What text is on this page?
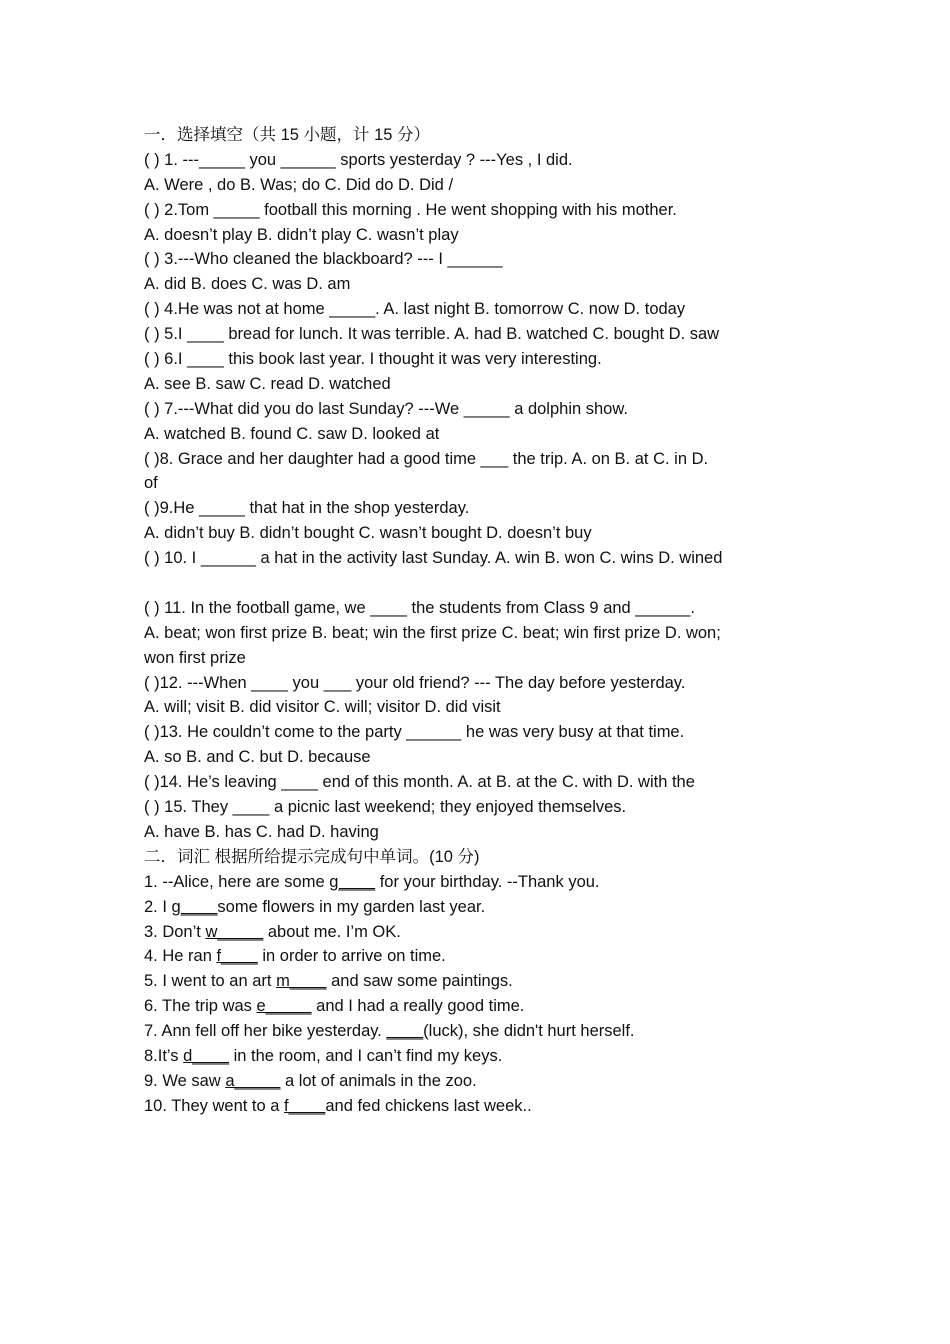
一．选择填空（共 15 小题，计 15 分）
( ) 1. ---_____ you ______ sports yesterday ? ---Yes , I did.
A. Were , do B. Was; do C. Did do D. Did /
( ) 2.Tom _____ football this morning . He went shopping with his mother.
A. doesn’t play B. didn’t play C. wasn’t play
( ) 3.---Who cleaned the blackboard? --- I ______
A. did B. does C. was D. am
( ) 4.He was not at home _____. A. last night B. tomorrow C. now D. today
( ) 5.I ____ bread for lunch. It was terrible. A. had B. watched C. bought D. saw
( ) 6.I ____ this book last year. I thought it was very interesting.
A. see B. saw C. read D. watched
( ) 7.---What did you do last Sunday? ---We _____ a dolphin show.
A. watched B. found C. saw D. looked at
( )8. Grace and her daughter had a good time ___ the trip. A. on B. at C. in D.
of
( )9.He _____ that hat in the shop yesterday.
A. didn’t buy B. didn’t bought C. wasn’t bought D. doesn’t buy
( ) 10. I ______ a hat in the activity last Sunday. A. win B. won C. wins D. wined
( ) 11. In the football game, we ____ the students from Class 9 and ______.
A. beat; won first prize B. beat; win the first prize C. beat; win first prize D. won;
won first prize
( )12. ---When ____ you ___ your old friend? --- The day before yesterday.
A. will; visit B. did visitor C. will; visitor D. did visit
( )13. He couldn’t come to the party ______ he was very busy at that time.
A. so B. and C. but D. because
( )14. He’s leaving ____ end of this month. A. at B. at the C. with D. with the
( ) 15. They ____ a picnic last weekend; they enjoyed themselves.
A. have B. has C. had D. having
二．词汇 根据所给提示完成句中单词。(10 分)
1. --Alice, here are some g____ for your birthday. --Thank you.
2. I g____some flowers in my garden last year.
3. Don’t w_____ about me. I’m OK.
4. He ran f____ in order to arrive on time.
5. I went to an art m____ and saw some paintings.
6. The trip was e_____ and I had a really good time.
7. Ann fell off her bike yesterday. ____(luck), she didn't hurt herself.
8.It’s d____ in the room, and I can’t find my keys.
9. We saw a_____ a lot of animals in the zoo.
10. They went to a f____and fed chickens last week..
